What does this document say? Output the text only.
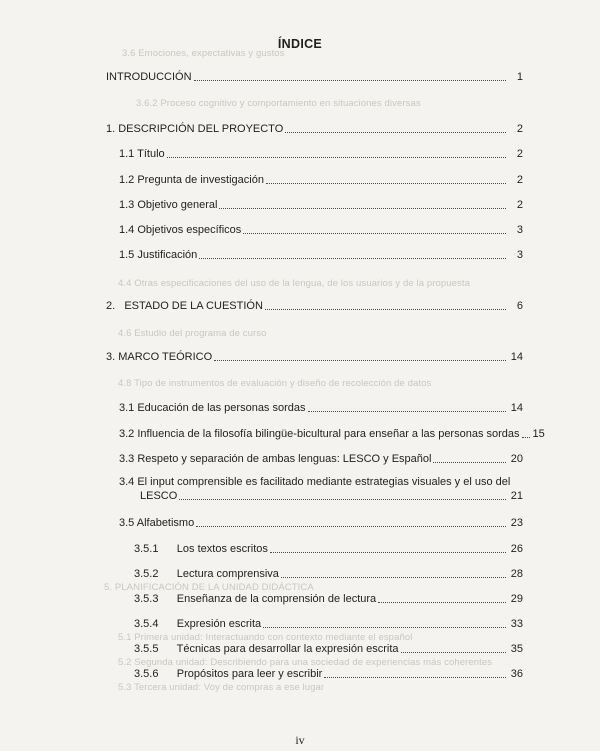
3.6 Emociones, expectativas y gustos
3.6.2 Proceso cognitivo y comportamiento en situaciones diversas
4.4 Otras especificaciones del uso de la lengua, de los usuarios y de la propuesta
4.6 Estudio del programa de curso
4.8 Tipo de instrumentos de evaluación y diseño de recolección de datos
5. PLANIFICACIÓN DE LA UNIDAD DIDÁCTICA
5.1 Primera unidad: Interactuando con contexto mediante el español
5.2 Segunda unidad: Describiendo para una sociedad de experiencias más coherentes
5.3 Tercera unidad: Voy de compras a ese lugar
ÍNDICE
INTRODUCCIÓN	1
1. DESCRIPCIÓN DEL PROYECTO	2
1.1 Título	2
1.2 Pregunta de investigación	2
1.3 Objetivo general	2
1.4 Objetivos específicos	3
1.5 Justificación	3
2.   ESTADO DE LA CUESTIÓN	6
3. MARCO TEÓRICO	14
3.1 Educación de las personas sordas	14
3.2 Influencia de la filosofía bilingüe-bicultural para enseñar a las personas sordas 15
3.3 Respeto y separación de ambas lenguas: LESCO y Español	20
3.4 El input comprensible es facilitado mediante estrategias visuales y el uso del
LESCO	21
3.5 Alfabetismo	23
3.5.1      Los textos escritos	26
3.5.2      Lectura comprensiva	28
3.5.3      Enseñanza de la comprensión de lectura	29
3.5.4      Expresión escrita	33
3.5.5      Técnicas para desarrollar la expresión escrita	35
3.5.6      Propósitos para leer y escribir	36
iv
